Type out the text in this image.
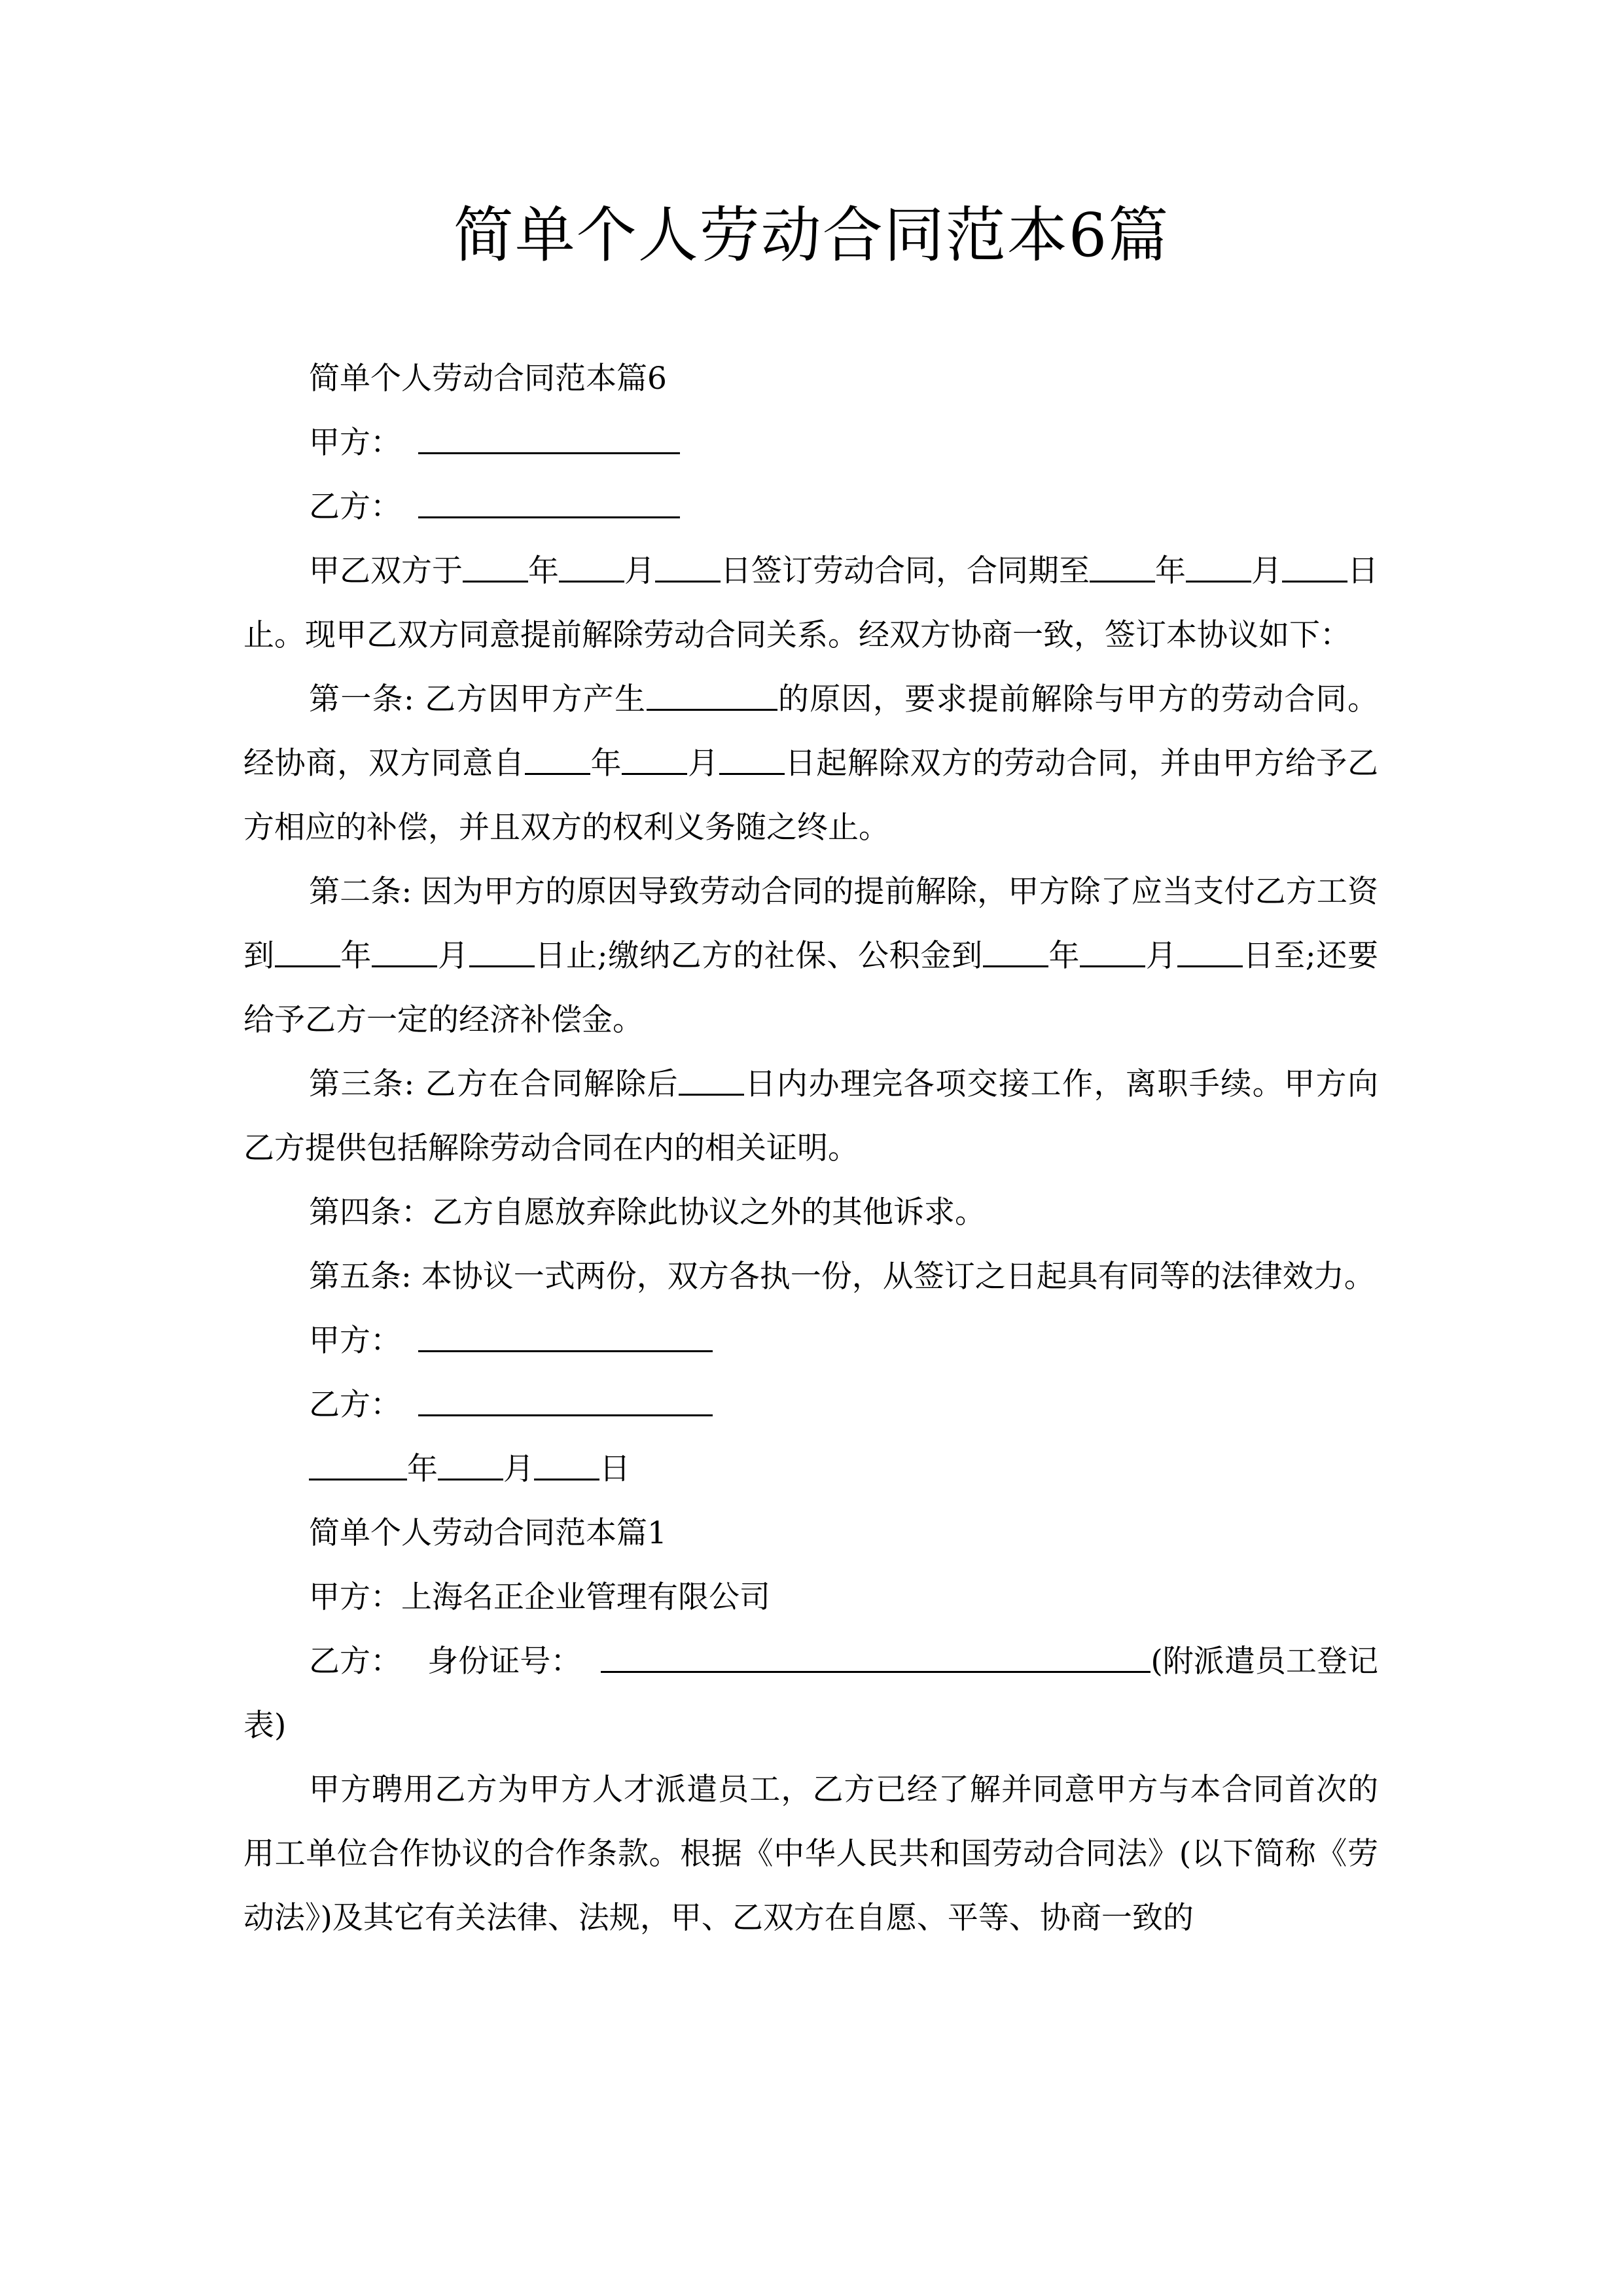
简单个人劳动合同范本6篇

简单个人劳动合同范本篇6

甲方：

乙方：

甲乙双方于 年 月 日签订劳动合同，合同期至 年 月 日止。现甲乙双方同意提前解除劳动合同关系。经双方协商一致，签订本协议如下：

第一条: 乙方因甲方产生	的原因，要求提前解除与甲方的劳动合同。经协商，双方同意自 年 月 日起解除双方的劳动合同，并由甲方给予乙方相应的补偿，并且双方的权利义务随之终止。

第二条: 因为甲方的原因导致劳动合同的提前解除，甲方除了应当支付乙方工资到 年 月 日止;缴纳乙方的社保、公积金到 年 月 日至;还要给予乙方一定的经济补偿金。

第三条: 乙方在合同解除后 日内办理完各项交接工作，离职手续。甲方向乙方提供包括解除劳动合同在内的相关证明。

第四条：乙方自愿放弃除此协议之外的其他诉求。

第五条: 本协议一式两份，双方各执一份，从签订之日起具有同等的法律效力。

甲方：

乙方：

年 月 日

简单个人劳动合同范本篇1

甲方：上海名正企业管理有限公司

乙方： 身份证号：	(附派遣员工登记表)

甲方聘用乙方为甲方人才派遣员工，乙方已经了解并同意甲方与本合同首次的用工单位合作协议的合作条款。根据《中华人民共和国劳动合同法》(以下简称《劳动法》)及其它有关法律、法规，甲、乙双方在自愿、平等、协商一致的
